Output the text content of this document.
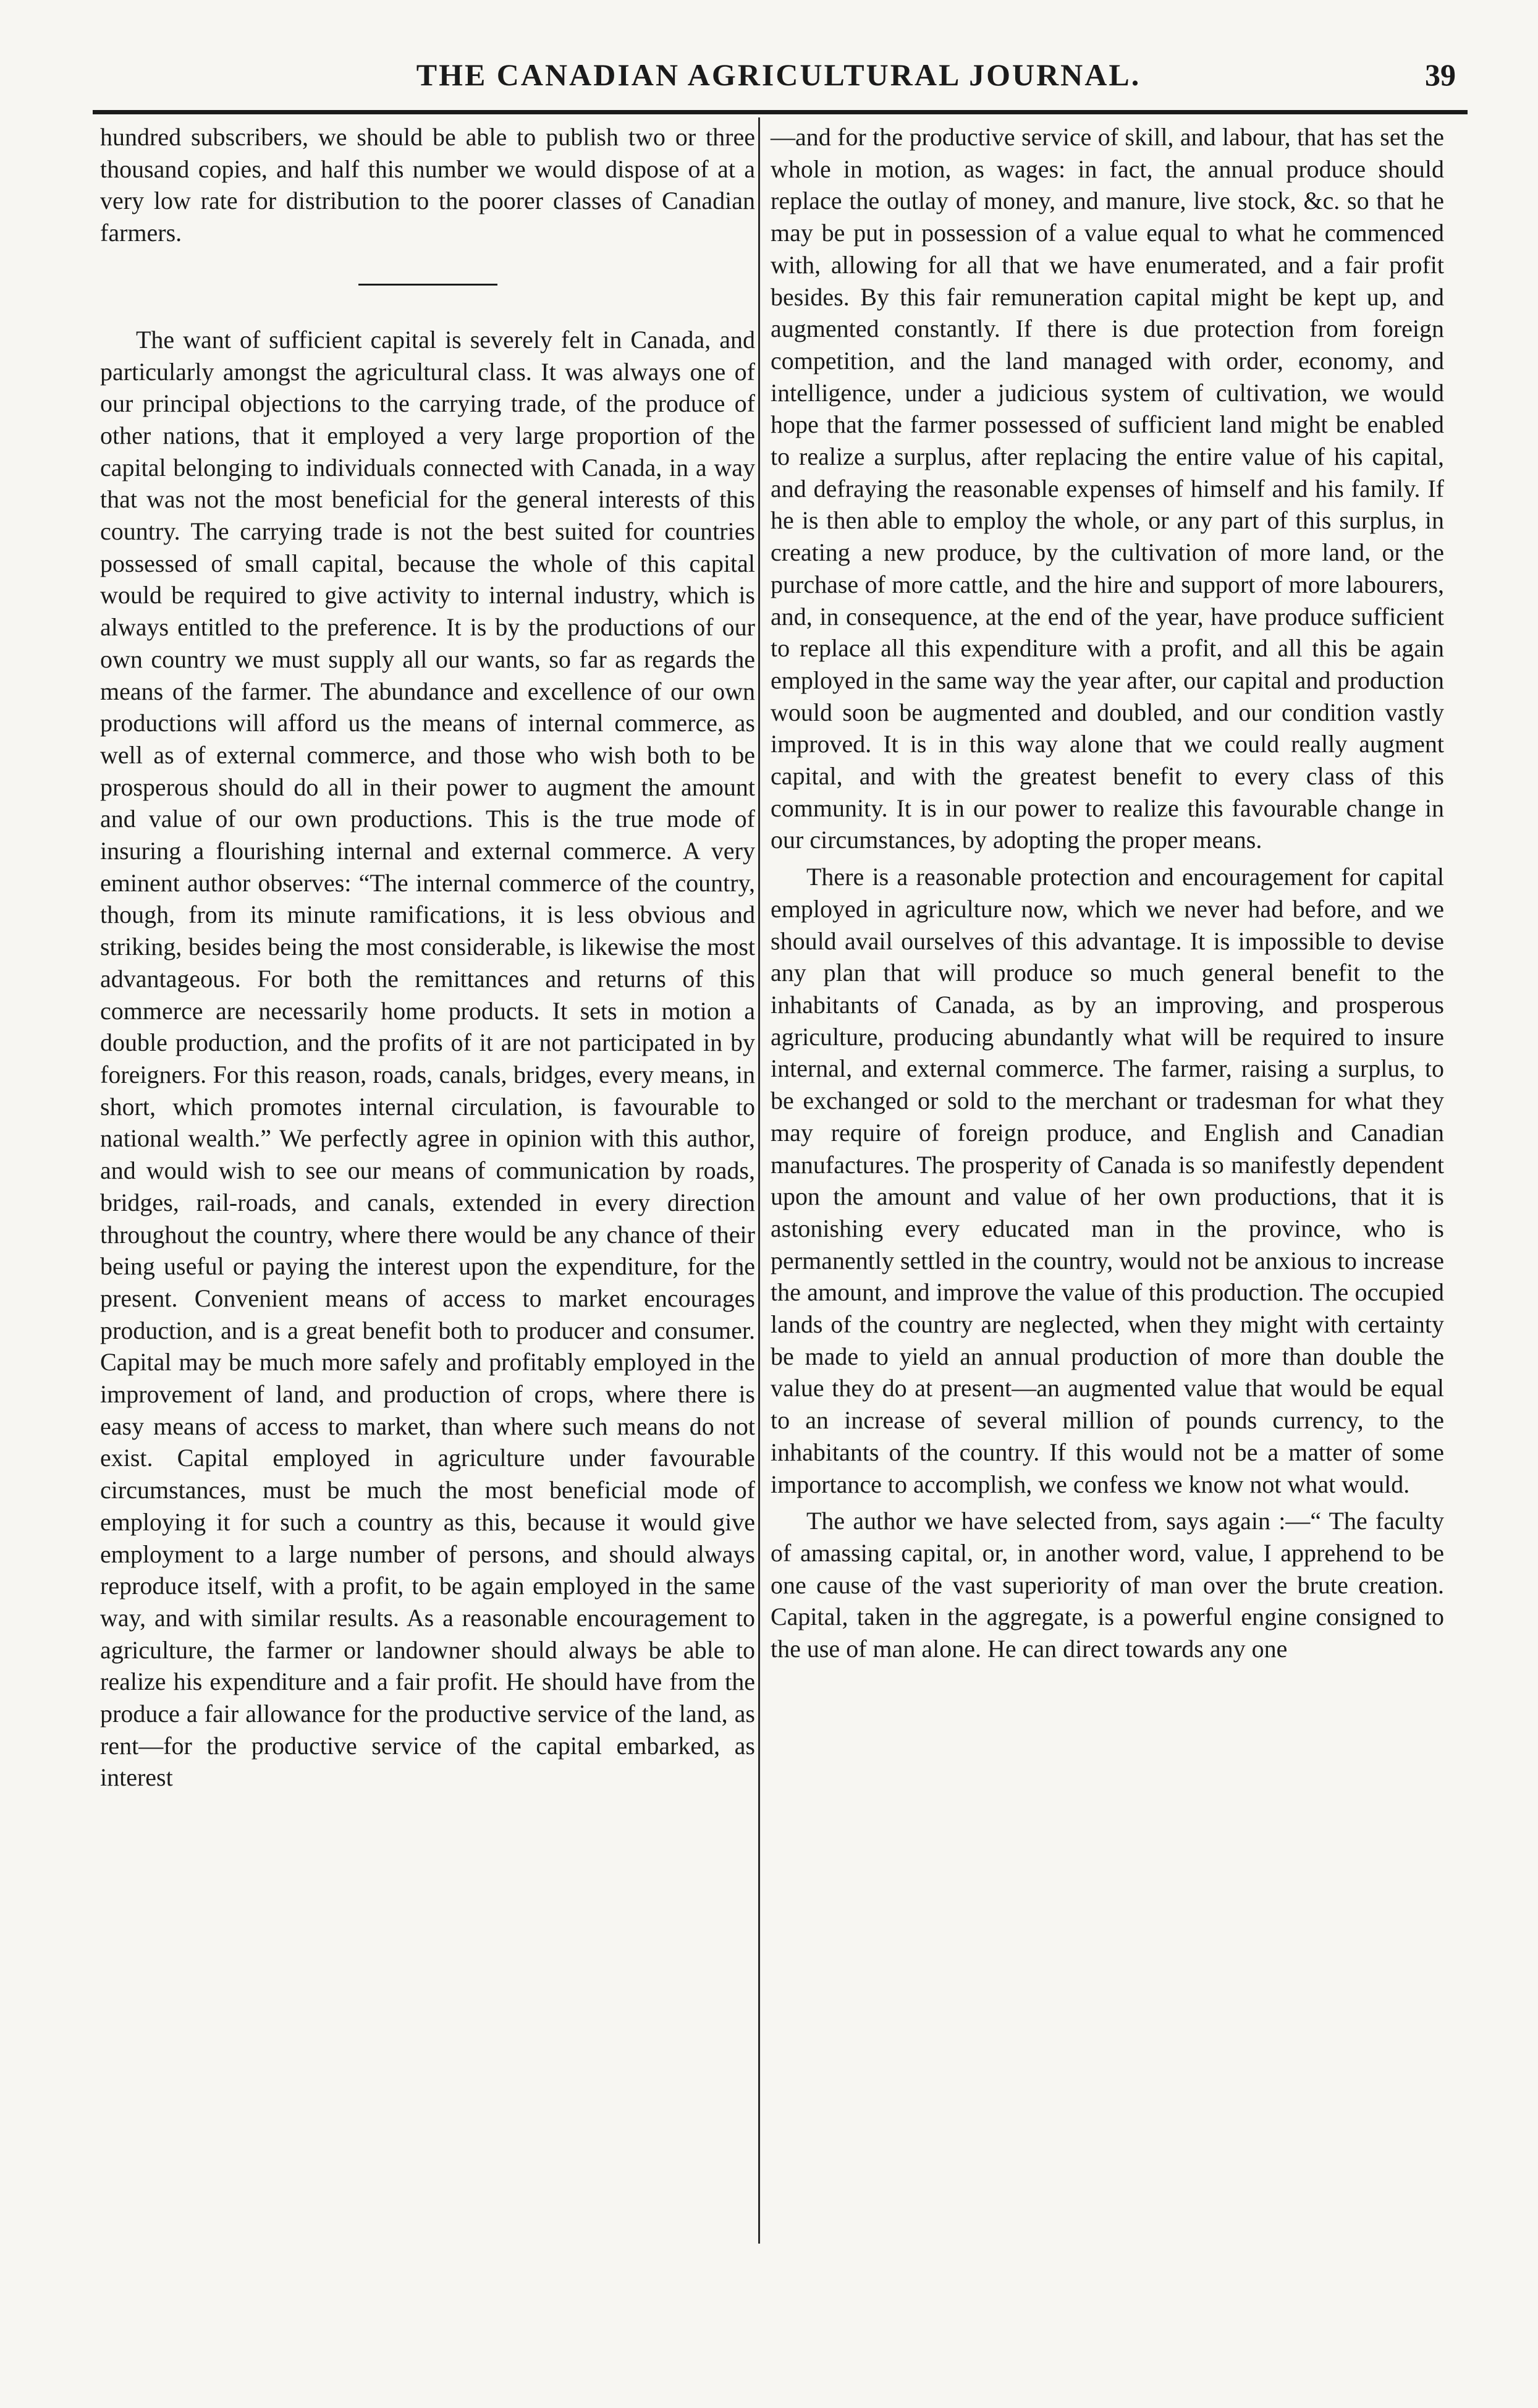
THE CANADIAN AGRICULTURAL JOURNAL.	39

hundred subscribers, we should be able to publish two or three thousand copies, and half this number we would dispose of at a very low rate for distribution to the poorer classes of Canadian farmers.

The want of sufficient capital is severely felt in Canada, and particularly amongst the agricultural class. It was always one of our principal objections to the carrying trade, of the produce of other nations, that it employed a very large proportion of the capital belonging to individuals connected with Canada, in a way that was not the most beneficial for the general interests of this country. The carrying trade is not the best suited for countries possessed of small capital, because the whole of this capital would be required to give activity to internal industry, which is always entitled to the preference. It is by the productions of our own country we must supply all our wants, so far as regards the means of the farmer. The abundance and excellence of our own productions will afford us the means of internal commerce, as well as of external commerce, and those who wish both to be prosperous should do all in their power to augment the amount and value of our own productions. This is the true mode of insuring a flourishing internal and external commerce. A very eminent author observes: “The internal commerce of the country, though, from its minute ramifications, it is less obvious and striking, besides being the most considerable, is likewise the most advantageous. For both the remittances and returns of this commerce are necessarily home products. It sets in motion a double production, and the profits of it are not participated in by foreigners. For this reason, roads, canals, bridges, every means, in short, which promotes internal circulation, is favourable to national wealth.” We perfectly agree in opinion with this author, and would wish to see our means of communication by roads, bridges, rail-roads, and canals, extended in every direction throughout the country, where there would be any chance of their being useful or paying the interest upon the expenditure, for the present. Convenient means of access to market encourages production, and is a great benefit both to producer and consumer. Capital may be much more safely and profitably employed in the improvement of land, and production of crops, where there is easy means of access to market, than where such means do not exist. Capital employed in agriculture under favourable circumstances, must be much the most beneficial mode of employing it for such a country as this, because it would give employment to a large number of persons, and should always reproduce itself, with a profit, to be again employed in the same way, and with similar results. As a reasonable encouragement to agriculture, the farmer or landowner should always be able to realize his expenditure and a fair profit. He should have from the produce a fair allowance for the productive service of the land, as rent—for the productive service of the capital embarked, as interest

—and for the productive service of skill, and labour, that has set the whole in motion, as wages: in fact, the annual produce should replace the outlay of money, and manure, live stock, &c. so that he may be put in possession of a value equal to what he commenced with, allowing for all that we have enumerated, and a fair profit besides. By this fair remuneration capital might be kept up, and augmented constantly. If there is due protection from foreign competition, and the land managed with order, economy, and intelligence, under a judicious system of cultivation, we would hope that the farmer possessed of sufficient land might be enabled to realize a surplus, after replacing the entire value of his capital, and defraying the reasonable expenses of himself and his family. If he is then able to employ the whole, or any part of this surplus, in creating a new produce, by the cultivation of more land, or the purchase of more cattle, and the hire and support of more labourers, and, in consequence, at the end of the year, have produce sufficient to replace all this expenditure with a profit, and all this be again employed in the same way the year after, our capital and production would soon be augmented and doubled, and our condition vastly improved. It is in this way alone that we could really augment capital, and with the greatest benefit to every class of this community. It is in our power to realize this favourable change in our circumstances, by adopting the proper means.

There is a reasonable protection and encouragement for capital employed in agriculture now, which we never had before, and we should avail ourselves of this advantage. It is impossible to devise any plan that will produce so much general benefit to the inhabitants of Canada, as by an improving, and prosperous agriculture, producing abundantly what will be required to insure internal, and external commerce. The farmer, raising a surplus, to be exchanged or sold to the merchant or tradesman for what they may require of foreign produce, and English and Canadian manufactures. The prosperity of Canada is so manifestly dependent upon the amount and value of her own productions, that it is astonishing every educated man in the province, who is permanently settled in the country, would not be anxious to increase the amount, and improve the value of this production. The occupied lands of the country are neglected, when they might with certainty be made to yield an annual production of more than double the value they do at present—an augmented value that would be equal to an increase of several million of pounds currency, to the inhabitants of the country. If this would not be a matter of some importance to accomplish, we confess we know not what would.

The author we have selected from, says again :—“ The faculty of amassing capital, or, in another word, value, I apprehend to be one cause of the vast superiority of man over the brute creation. Capital, taken in the aggregate, is a powerful engine consigned to the use of man alone. He can direct towards any one
